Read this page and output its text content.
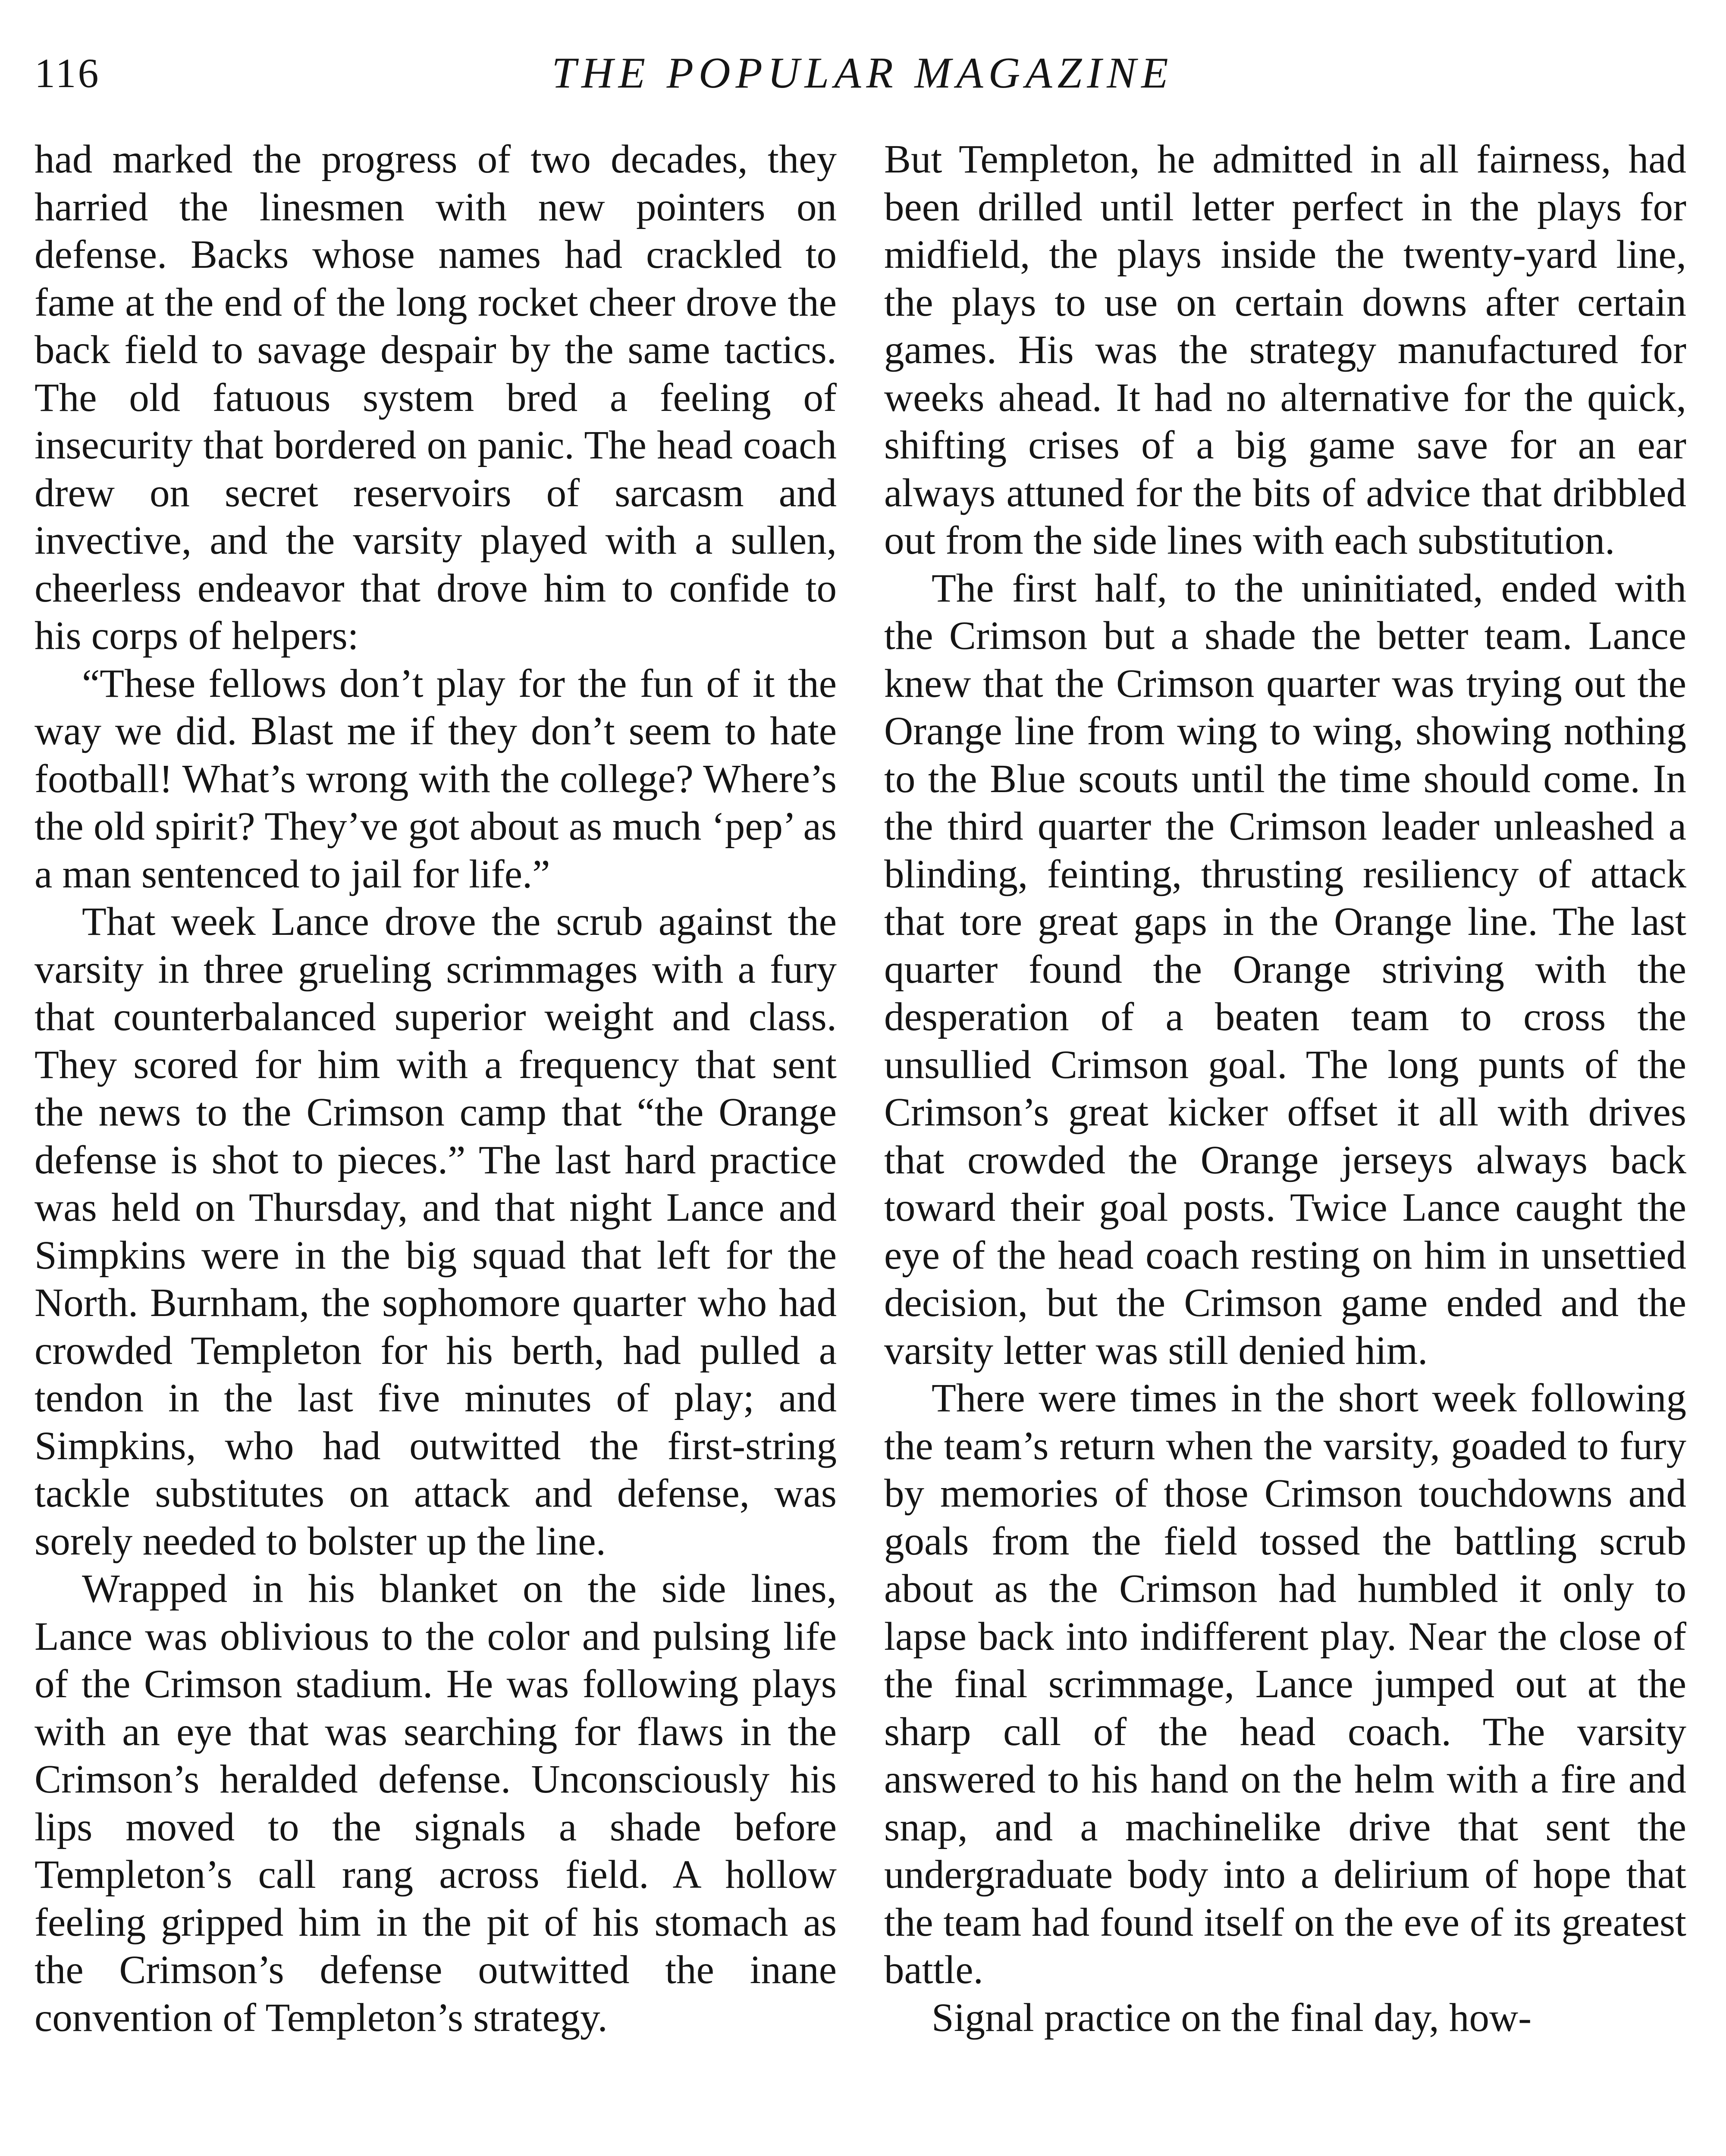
116	THE POPULAR MAGAZINE

had marked the progress of two decades, they harried the linesmen with new pointers on defense. Backs whose names had crackled to fame at the end of the long rocket cheer drove the back field to savage despair by the same tactics. The old fatuous system bred a feeling of insecurity that bordered on panic. The head coach drew on secret reservoirs of sarcasm and invective, and the varsity played with a sullen, cheerless endeavor that drove him to confide to his corps of helpers:

“These fellows don’t play for the fun of it the way we did. Blast me if they don’t seem to hate football! What’s wrong with the college? Where’s the old spirit? They’ve got about as much ‘pep’ as a man sentenced to jail for life.”

That week Lance drove the scrub against the varsity in three grueling scrimmages with a fury that counterbalanced superior weight and class. They scored for him with a frequency that sent the news to the Crimson camp that “the Orange defense is shot to pieces.” The last hard practice was held on Thursday, and that night Lance and Simpkins were in the big squad that left for the North. Burnham, the sophomore quarter who had crowded Templeton for his berth, had pulled a tendon in the last five minutes of play; and Simpkins, who had outwitted the first-string tackle substitutes on attack and defense, was sorely needed to bolster up the line.

Wrapped in his blanket on the side lines, Lance was oblivious to the color and pulsing life of the Crimson stadium. He was following plays with an eye that was searching for flaws in the Crimson’s heralded defense. Unconsciously his lips moved to the signals a shade before Templeton’s call rang across field. A hollow feeling gripped him in the pit of his stomach as the Crimson’s defense outwitted the inane convention of Templeton’s strategy.

But Templeton, he admitted in all fairness, had been drilled until letter perfect in the plays for midfield, the plays inside the twenty-yard line, the plays to use on certain downs after certain games. His was the strategy manufactured for weeks ahead. It had no alternative for the quick, shifting crises of a big game save for an ear always attuned for the bits of advice that dribbled out from the side lines with each substitution.

The first half, to the uninitiated, ended with the Crimson but a shade the better team. Lance knew that the Crimson quarter was trying out the Orange line from wing to wing, showing nothing to the Blue scouts until the time should come. In the third quarter the Crimson leader unleashed a blinding, feinting, thrusting resiliency of attack that tore great gaps in the Orange line. The last quarter found the Orange striving with the desperation of a beaten team to cross the unsullied Crimson goal. The long punts of the Crimson’s great kicker offset it all with drives that crowded the Orange jerseys always back toward their goal posts. Twice Lance caught the eye of the head coach resting on him in unsettied decision, but the Crimson game ended and the varsity letter was still denied him.

There were times in the short week following the team’s return when the varsity, goaded to fury by memories of those Crimson touchdowns and goals from the field tossed the battling scrub about as the Crimson had humbled it only to lapse back into indifferent play. Near the close of the final scrimmage, Lance jumped out at the sharp call of the head coach. The varsity answered to his hand on the helm with a fire and snap, and a machinelike drive that sent the undergraduate body into a delirium of hope that the team had found itself on the eve of its greatest battle.

Signal practice on the final day, how-
